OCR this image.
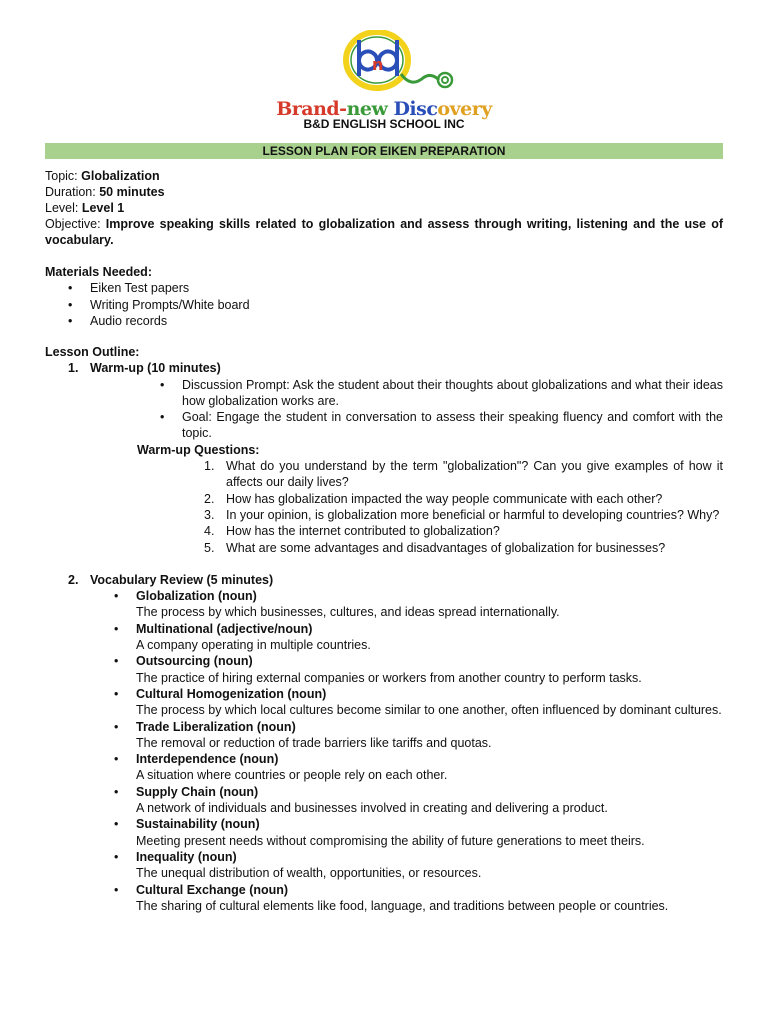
n
Brand-new Discovery
B&D ENGLISH SCHOOL INC
LESSON PLAN FOR EIKEN PREPARATION
Topic: Globalization
Duration: 50 minutes
Level: Level 1
Objective: Improve speaking skills related to globalization and assess through writing, listening and the use of vocabulary.
Materials Needed:
• Eiken Test papers
• Writing Prompts/White board
• Audio records
Lesson Outline:
1. Warm-up (10 minutes)
• Discussion Prompt: Ask the student about their thoughts about globalizations and what their ideas how globalization works are.
• Goal: Engage the student in conversation to assess their speaking fluency and comfort with the topic.
Warm-up Questions:
1. What do you understand by the term "globalization"? Can you give examples of how it affects our daily lives?
2. How has globalization impacted the way people communicate with each other?
3. In your opinion, is globalization more beneficial or harmful to developing countries? Why?
4. How has the internet contributed to globalization?
5. What are some advantages and disadvantages of globalization for businesses?
2. Vocabulary Review (5 minutes)
• Globalization (noun)
The process by which businesses, cultures, and ideas spread internationally.
• Multinational (adjective/noun)
A company operating in multiple countries.
• Outsourcing (noun)
The practice of hiring external companies or workers from another country to perform tasks.
• Cultural Homogenization (noun)
The process by which local cultures become similar to one another, often influenced by dominant cultures.
• Trade Liberalization (noun)
The removal or reduction of trade barriers like tariffs and quotas.
• Interdependence (noun)
A situation where countries or people rely on each other.
• Supply Chain (noun)
A network of individuals and businesses involved in creating and delivering a product.
• Sustainability (noun)
Meeting present needs without compromising the ability of future generations to meet theirs.
• Inequality (noun)
The unequal distribution of wealth, opportunities, or resources.
• Cultural Exchange (noun)
The sharing of cultural elements like food, language, and traditions between people or countries.
